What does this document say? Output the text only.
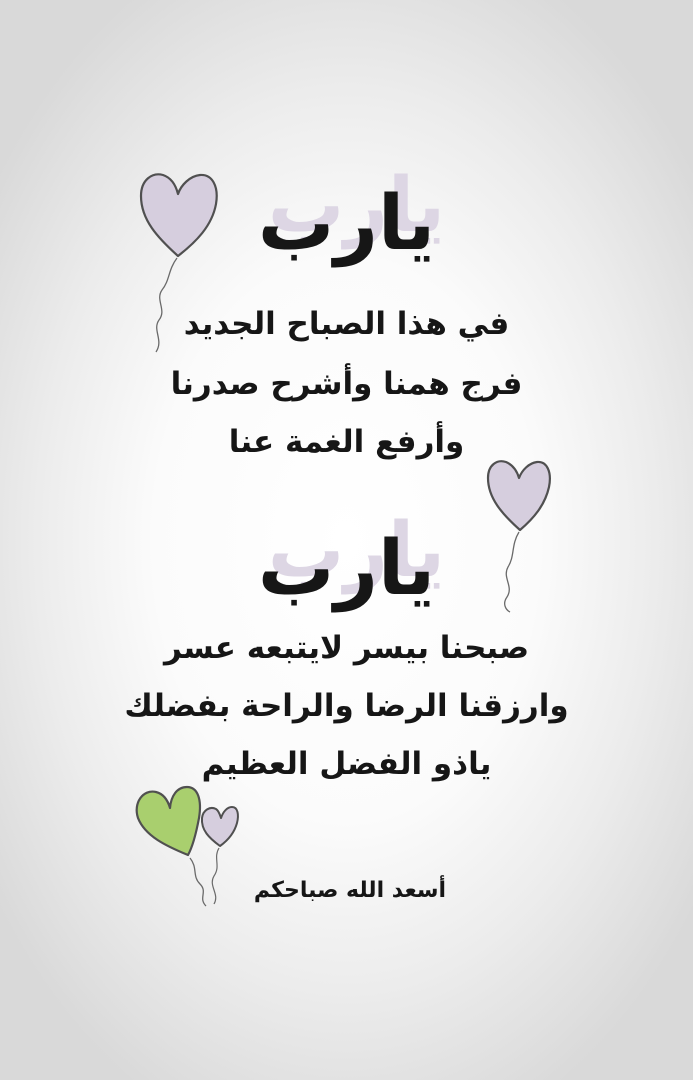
يارب
في هذا الصباح الجديد
فرج همنا وأشرح صدرنا
وأرفع الغمة عنا
يارب
صبحنا بيسر لايتبعه عسر
وارزقنا الرضا والراحة بفضلك
ياذو الفضل العظيم
أسعد الله صباحكم
